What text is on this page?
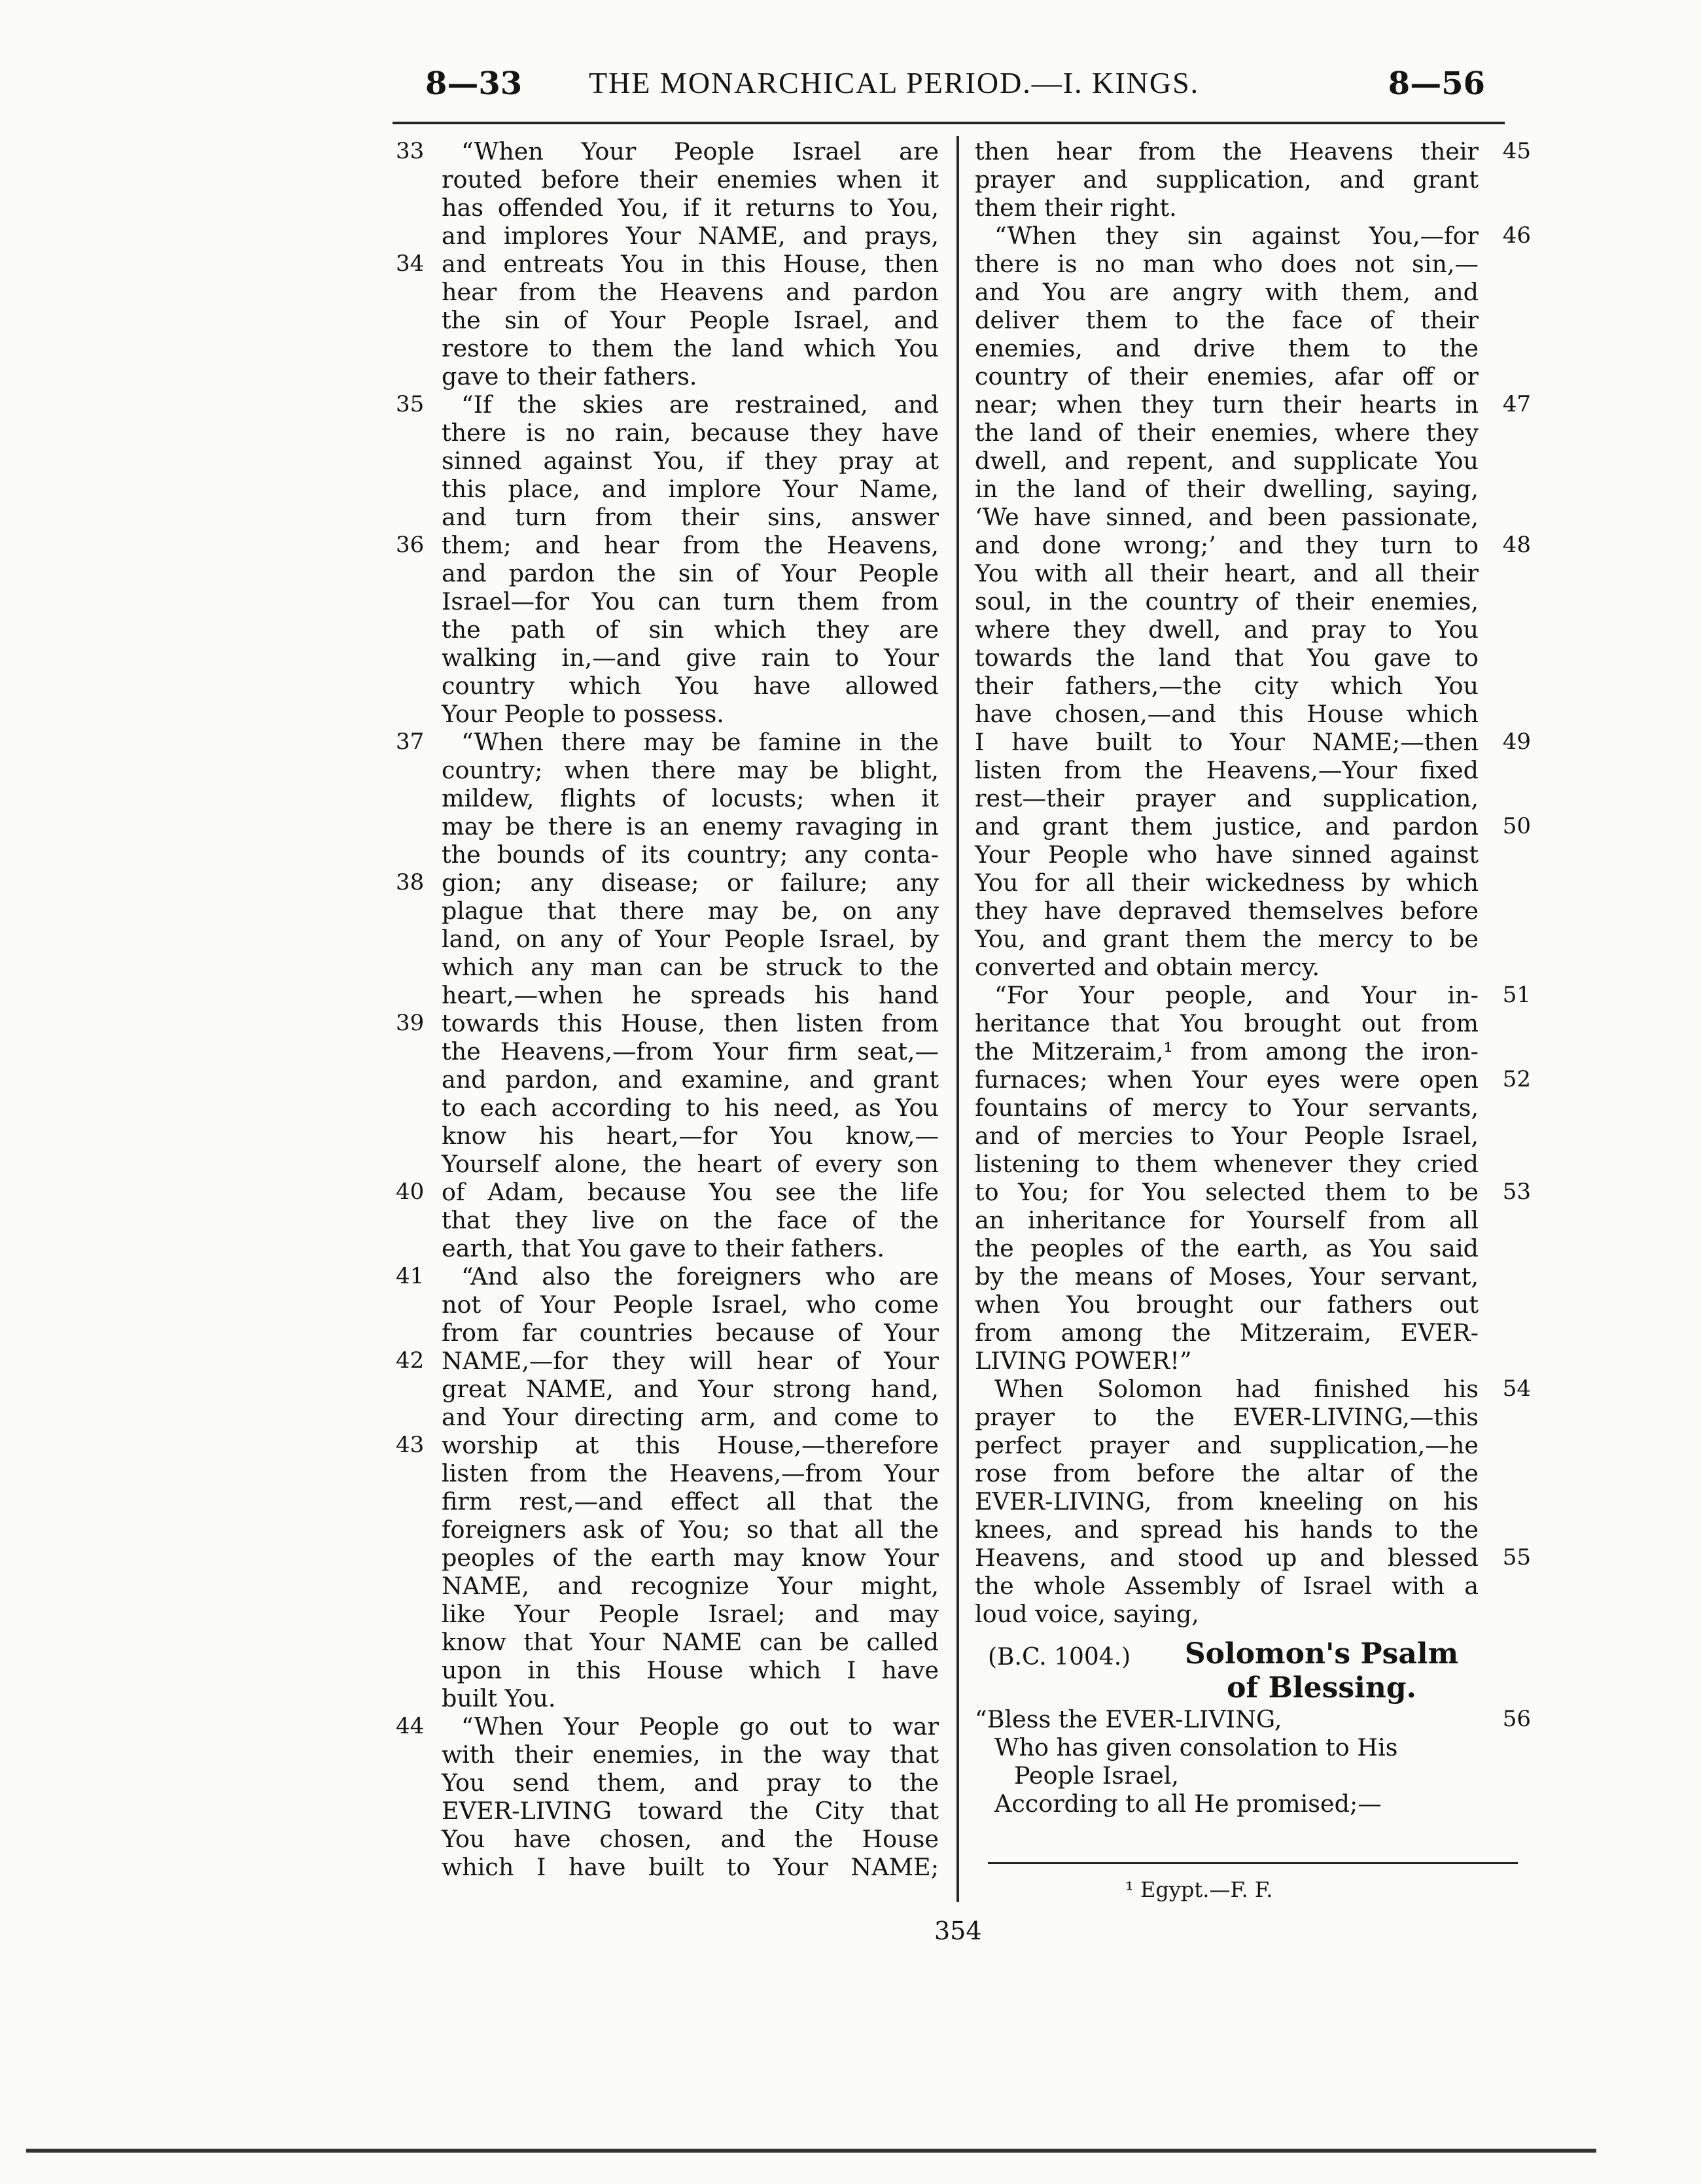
8—33 THE MONARCHICAL PERIOD.—I. KINGS.	8—56
“When Your People Israel are
33
routed before their enemies when it
has offended You, if it returns to You,
and implores Your NAME, and prays,
and entreats You in this House, then
34
hear from the Heavens and pardon
the sin of Your People Israel, and
restore to them the land which You
gave to their fathers.
“If the skies are restrained, and
35
there is no rain, because they have
sinned against You, if they pray at
this place, and implore Your Name,
and turn from their sins, answer
them; and hear from the Heavens,
36
and pardon the sin of Your People
Israel—for You can turn them from
the path of sin which they are
walking in,—and give rain to Your
country which You have allowed
Your People to possess.
“When there may be famine in the
37
country; when there may be blight,
mildew, flights of locusts; when it
may be there is an enemy ravaging in
the bounds of its country; any conta-
gion; any disease; or failure; any
38
plague that there may be, on any
land, on any of Your People Israel, by
which any man can be struck to the
heart,—when he spreads his hand
towards this House, then listen from
39
the Heavens,—from Your firm seat,—
and pardon, and examine, and grant
to each according to his need, as You
know his heart,—for You know,—
Yourself alone, the heart of every son
of Adam, because You see the life
40
that they live on the face of the
earth, that You gave to their fathers.
“And also the foreigners who are
41
not of Your People Israel, who come
from far countries because of Your
NAME,—for they will hear of Your
42
great NAME, and Your strong hand,
and Your directing arm, and come to
worship at this House,—therefore
43
listen from the Heavens,—from Your
firm rest,—and effect all that the
foreigners ask of You; so that all the
peoples of the earth may know Your
NAME, and recognize Your might,
like Your People Israel; and may
know that Your NAME can be called
upon in this House which I have
built You.
“When Your People go out to war
44
with their enemies, in the way that
You send them, and pray to the
EVER-LIVING toward the City that
You have chosen, and the House
which I have built to Your NAME;
then hear from the Heavens their 45
prayer and supplication, and grant
them their right.
“When they sin against You,—for 46
there is no man who does not sin,—
and You are angry with them, and
deliver them to the face of their
enemies, and drive them to the
country of their enemies, afar off or
near; when they turn their hearts in 47
the land of their enemies, where they
dwell, and repent, and supplicate You
in the land of their dwelling, saying,
‘We have sinned, and been passionate,
and done wrong;’ and they turn to 48
You with all their heart, and all their
soul, in the country of their enemies,
where they dwell, and pray to You
towards the land that You gave to
their fathers,—the city which You
have chosen,—and this House which
I have built to Your NAME;—then 49
listen from the Heavens,—Your fixed
rest—their prayer and supplication,
and grant them justice, and pardon 50
Your People who have sinned against
You for all their wickedness by which
they have depraved themselves before
You, and grant them the mercy to be
converted and obtain mercy.
“For Your people, and Your in- 51
heritance that You brought out from
the Mitzeraim,¹ from among the iron-
furnaces; when Your eyes were open 52
fountains of mercy to Your servants,
and of mercies to Your People Israel,
listening to them whenever they cried
to You; for You selected them to be 53
an inheritance for Yourself from all
the peoples of the earth, as You said
by the means of Moses, Your servant,
when You brought our fathers out
from among the Mitzeraim, EVER-
LIVING POWER!”
When Solomon had finished his 54
prayer to the EVER-LIVING,—this
perfect prayer and supplication,—he
rose from before the altar of the
EVER-LIVING, from kneeling on his
knees, and spread his hands to the
Heavens, and stood up and blessed 55
the whole Assembly of Israel with a
loud voice, saying,
(B.C. 1004.)	Solomon's Psalm of Blessing.
“Bless the EVER-LIVING,	56
Who has given consolation to His
People Israel,
According to all He promised;—
¹ Egypt.—F. F.
354
